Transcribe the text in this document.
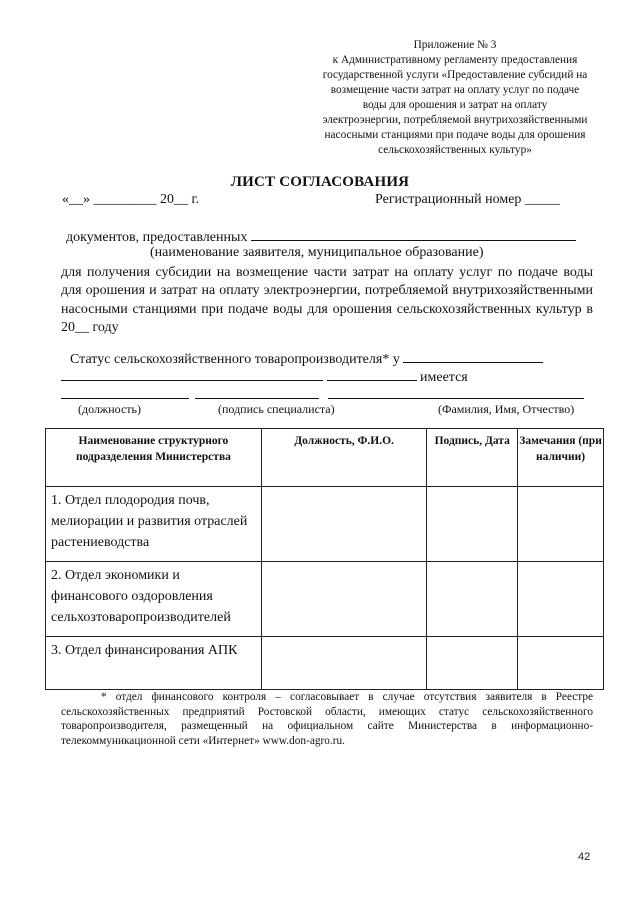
Приложение № 3
к Административному регламенту предоставления
государственной услуги «Предоставление субсидий на
возмещение части затрат на оплату услуг по подаче
воды для орошения и затрат на оплату
электроэнергии, потребляемой внутрихозяйственными
насосными станциями при подаче воды для орошения
сельскохозяйственных культур»
ЛИСТ СОГЛАСОВАНИЯ
«__» _________ 20__ г.	Регистрационный номер _____
документов, предоставленных
(наименование заявителя, муниципальное образование)
для получения субсидии на возмещение части затрат на оплату услуг по подаче воды для орошения и затрат на оплату электроэнергии, потребляемой внутрихозяйственными насосными станциями при подаче воды для орошения сельскохозяйственных культур в 20__ году
Статус сельскохозяйственного товаропроизводителя* у
имеется
(должность)	(подпись специалиста)	(Фамилия, Имя, Отчество)
Наименование структурного подразделения Министерства	Должность, Ф.И.О.	Подпись, Дата	Замечания (при наличии)
1. Отдел плодородия почв, мелиорации и развития отраслей растениеводства			
2. Отдел экономики и финансового оздоровления сельхозтоваропроизводителей			
3. Отдел финансирования АПК			
* отдел финансового контроля – согласовывает в случае отсутствия заявителя в Реестре сельскохозяйственных предприятий Ростовской области, имеющих статус сельскохозяйственного товаропроизводителя, размещенный на официальном сайте Министерства в информационно-телекоммуникационной сети «Интернет» www.don-agro.ru.
42
